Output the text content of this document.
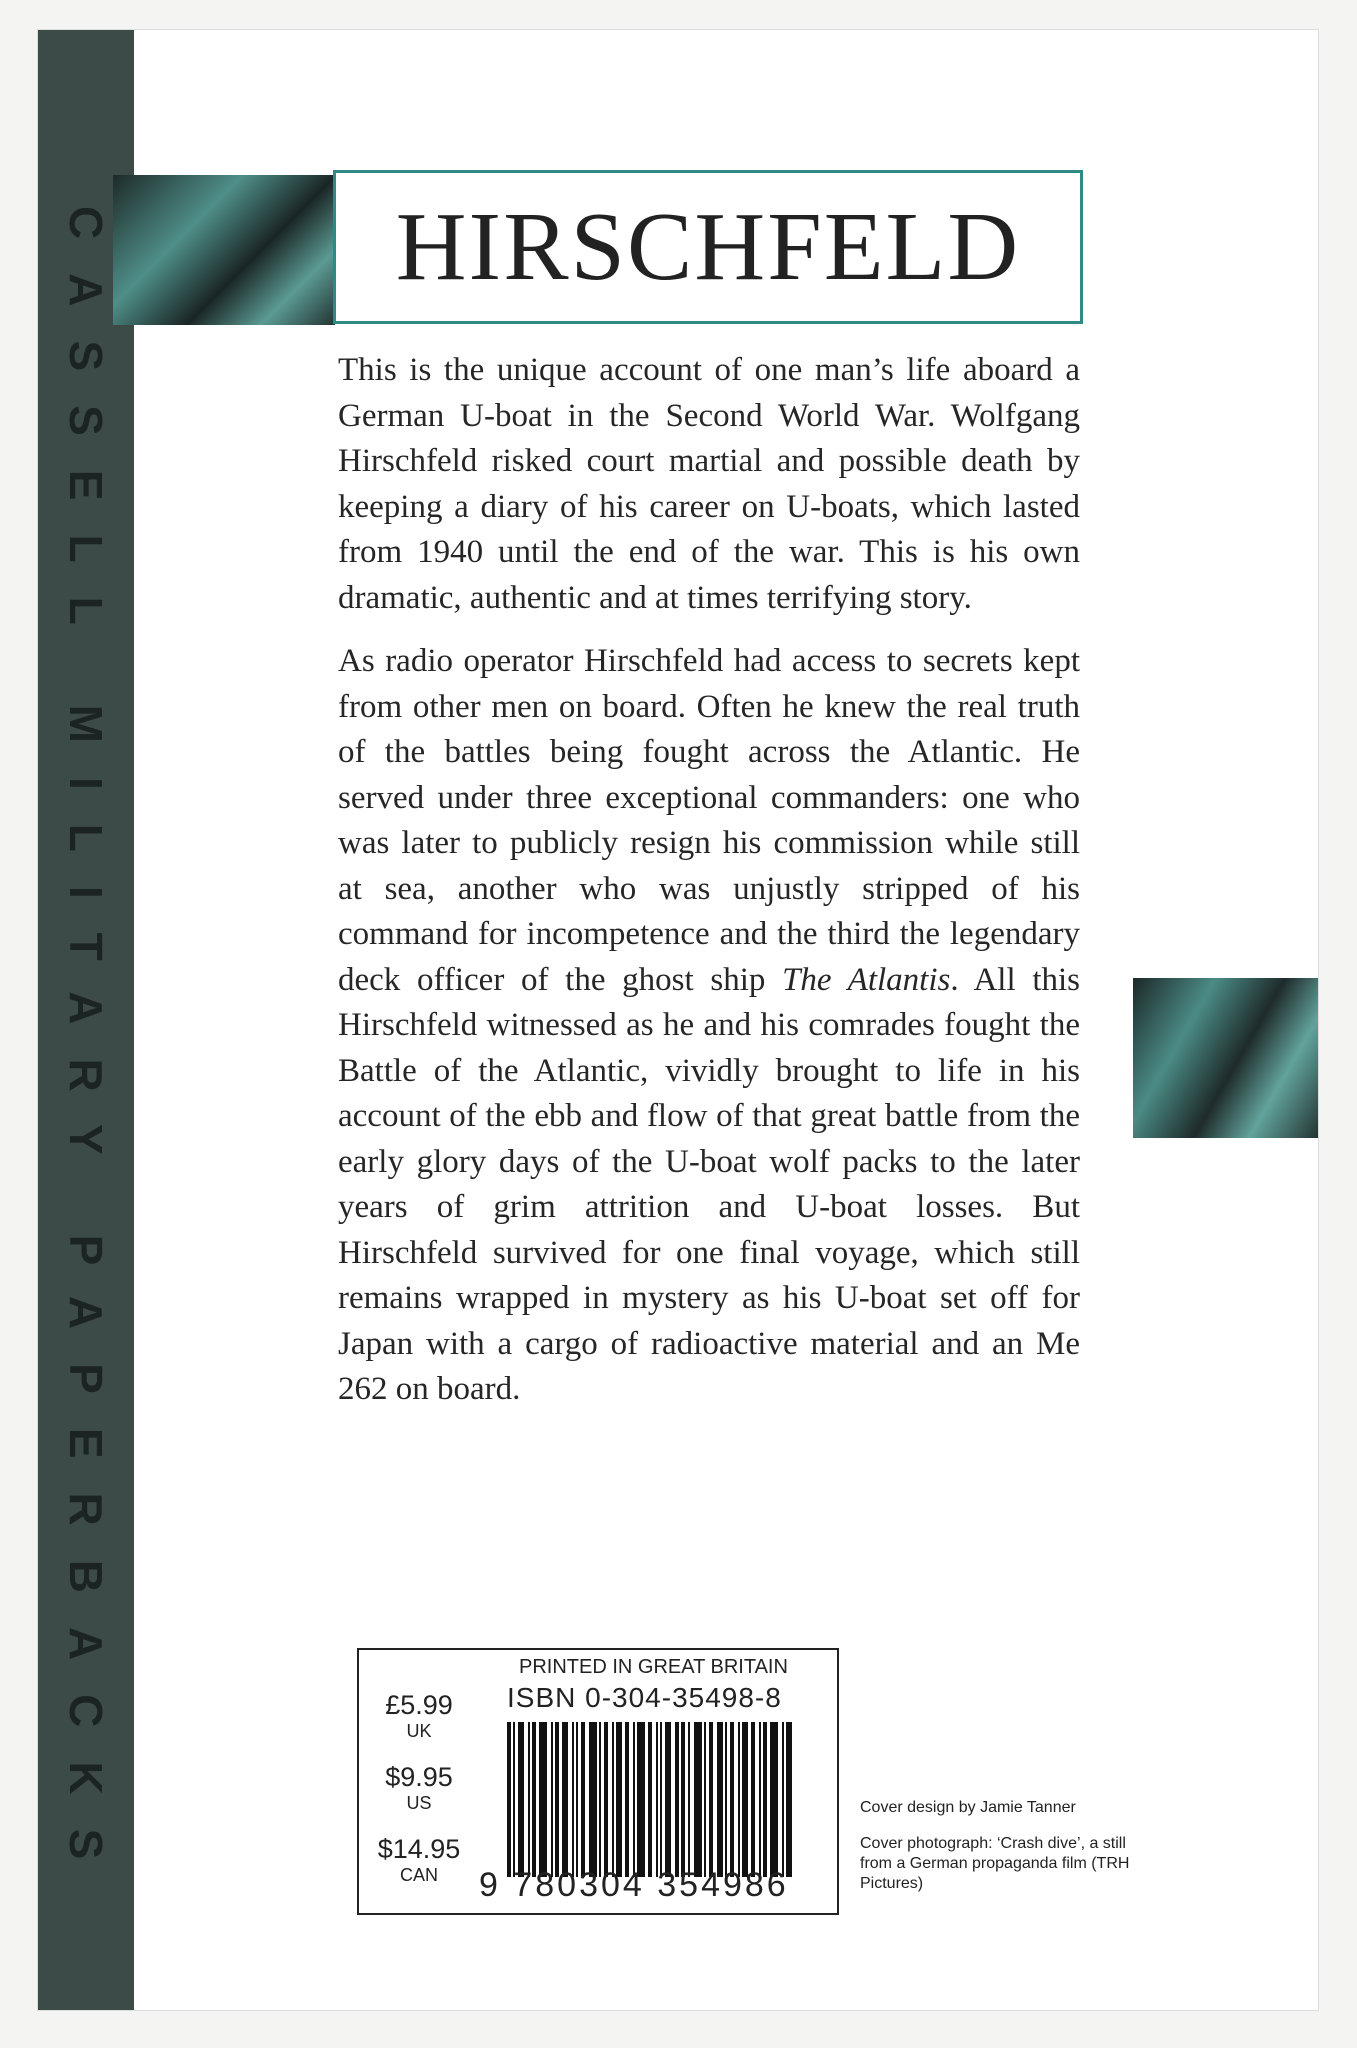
CASSELL MILITARY PAPERBACKS	HIRSCHFELD

This is the unique account of one man’s life aboard a German U-boat in the Second World War. Wolfgang Hirschfeld risked court martial and possible death by keeping a diary of his career on U-boats, which lasted from 1940 until the end of the war. This is his own dramatic, authentic and at times terrifying story.

As radio operator Hirschfeld had access to secrets kept from other men on board. Often he knew the real truth of the battles being fought across the Atlantic. He served under three exceptional commanders: one who was later to publicly resign his commission while still at sea, another who was unjustly stripped of his command for incompetence and the third the legendary deck officer of the ghost ship The Atlantis. All this Hirschfeld witnessed as he and his comrades fought the Battle of the Atlantic, vividly brought to life in his account of the ebb and flow of that great battle from the early glory days of the U-boat wolf packs to the later years of grim attrition and U-boat losses. But Hirschfeld survived for one final voyage, which still remains wrapped in mystery as his U-boat set off for Japan with a cargo of radioactive material and an Me 262 on board.

PRINTED IN GREAT BRITAIN
ISBN 0-304-35498-8
£5.99
UK
$9.95
US
$14.95
CAN	9 780304 354986

Cover design by Jamie Tanner

Cover photograph: ‘Crash dive’, a still from a German propaganda film (TRH Pictures)
